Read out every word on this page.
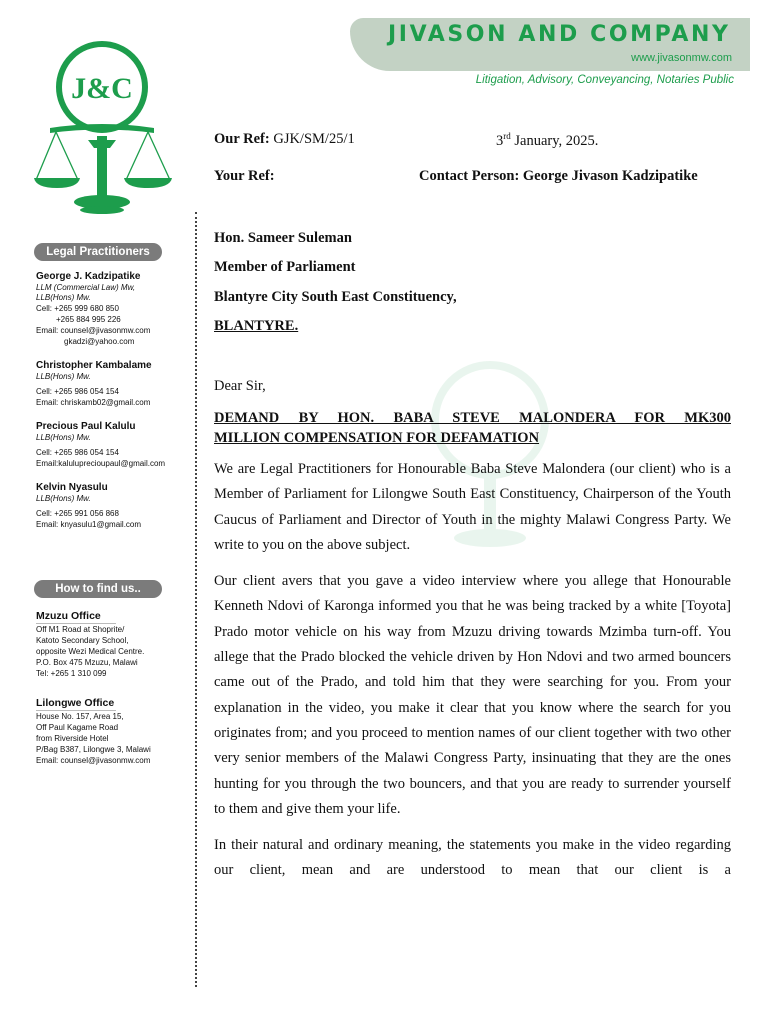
JIVASON AND COMPANY
www.jivasonmw.com
Litigation, Advisory, Conveyancing, Notaries Public
J&C
Legal Practitioners
George J. Kadzipatike
LLM (Commercial Law) Mw,
LLB(Hons) Mw.
Cell: +265 999 680 850
+265 884 995 226
Email: counsel@jivasonmw.com
gkadzi@yahoo.com
Christopher Kambalame
LLB(Hons) Mw.
Cell: +265 986 054 154
Email: chriskamb02@gmail.com
Precious Paul Kalulu
LLB(Hons) Mw.
Cell: +265 986 054 154
Email:kaluluprecioupaul@gmail.com
Kelvin Nyasulu
LLB(Hons) Mw.
Cell: +265 991 056 868
Email: knyasulu1@gmail.com
How to find us..
Mzuzu Office
Off M1 Road at Shoprite/
Katoto Secondary School,
opposite Wezi Medical Centre.
P.O. Box 475 Mzuzu, Malawi
Tel: +265 1 310 099
Lilongwe Office
House No. 157, Area 15,
Off Paul Kagame Road
from Riverside Hotel
P/Bag B387, Lilongwe 3, Malawi
Email: counsel@jivasonmw.com
Our Ref: GJK/SM/25/1	3rd January, 2025.
Your Ref:	Contact Person: George Jivason Kadzipatike
Hon. Sameer Suleman
Member of Parliament
Blantyre City South East Constituency,
BLANTYRE.
Dear Sir,
DEMAND BY HON. BABA STEVE MALONDERA FOR MK300
MILLION COMPENSATION FOR DEFAMATION

We are Legal Practitioners for Honourable Baba Steve Malondera (our client) who is a Member of Parliament for Lilongwe South East Constituency, Chairperson of the Youth Caucus of Parliament and Director of Youth in the mighty Malawi Congress Party. We write to you on the above subject.

Our client avers that you gave a video interview where you allege that Honourable Kenneth Ndovi of Karonga informed you that he was being tracked by a white [Toyota] Prado motor vehicle on his way from Mzuzu driving towards Mzimba turn-off. You allege that the Prado blocked the vehicle driven by Hon Ndovi and two armed bouncers came out of the Prado, and told him that they were searching for you. From your explanation in the video, you make it clear that you know where the search for you originates from; and you proceed to mention names of our client together with two other very senior members of the Malawi Congress Party, insinuating that they are the ones hunting for you through the two bouncers, and that you are ready to surrender yourself to them and give them your life.

In their natural and ordinary meaning, the statements you make in the video regarding our client, mean and are understood to mean that our client is a
